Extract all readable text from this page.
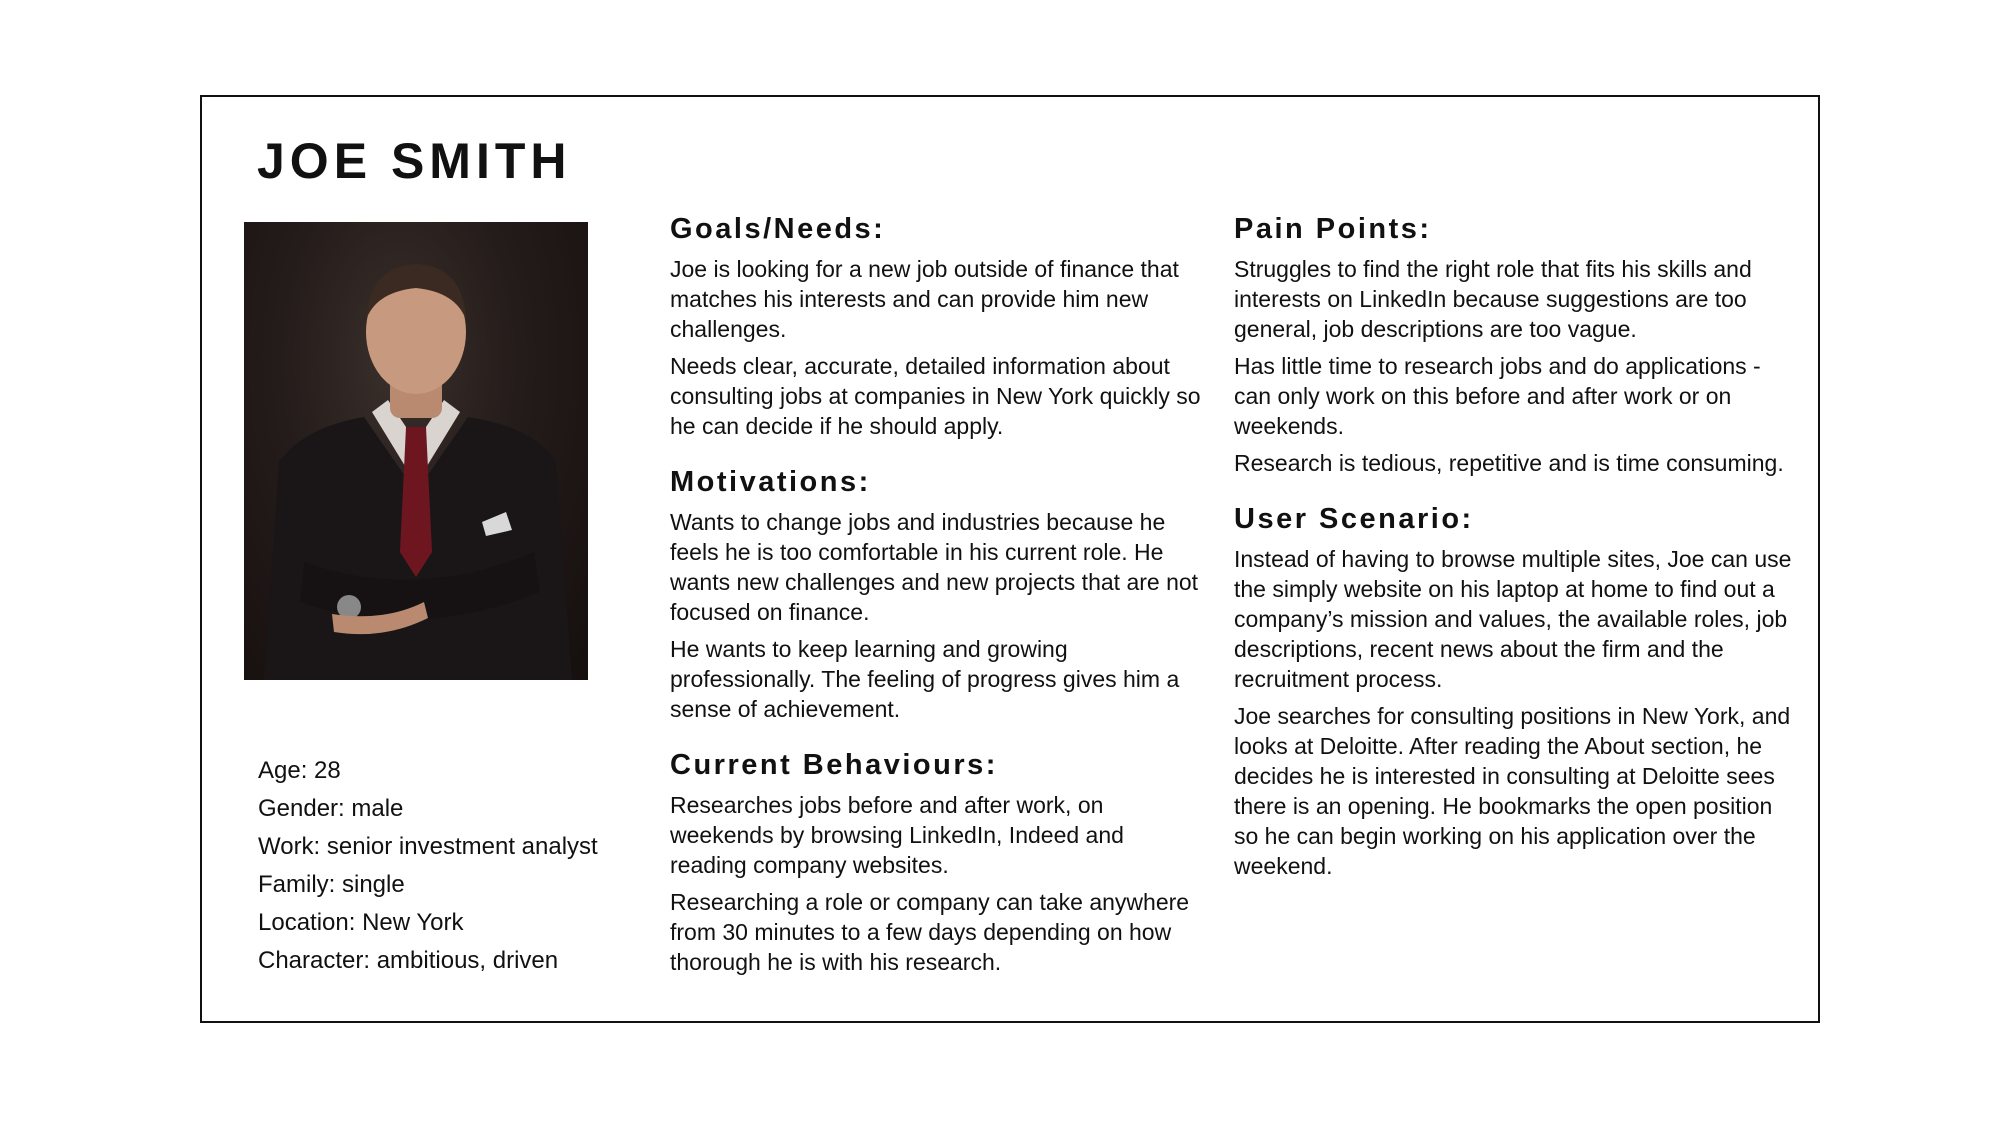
JOE SMITH
Age: 28
Gender: male
Work: senior investment analyst
Family: single
Location: New York
Character: ambitious, driven
Goals/Needs:

Joe is looking for a new job outside of finance that matches his interests and can provide him new challenges.

Needs clear, accurate, detailed information about consulting jobs at companies in New York quickly so he can decide if he should apply.

Motivations:

Wants to change jobs and industries because he feels he is too comfortable in his current role. He wants new challenges and new projects that are not focused on finance.

He wants to keep learning and growing professionally. The feeling of progress gives him a sense of achievement.

Current Behaviours:

Researches jobs before and after work, on weekends by browsing LinkedIn, Indeed and reading company websites.

Researching a role or company can take anywhere from 30 minutes to a few days depending on how thorough he is with his research.

Pain Points:

Struggles to find the right role that fits his skills and interests on LinkedIn because suggestions are too general, job descriptions are too vague.

Has little time to research jobs and do applications - can only work on this before and after work or on weekends.

Research is tedious, repetitive and is time consuming.

User Scenario:

Instead of having to browse multiple sites, Joe can use the simply website on his laptop at home to find out a company’s mission and values, the available roles, job descriptions, recent news about the firm and the recruitment process.

Joe searches for consulting positions in New York, and looks at Deloitte. After reading the About section, he decides he is interested in consulting at Deloitte sees there is an opening. He bookmarks the open position so he can begin working on his application over the weekend.
